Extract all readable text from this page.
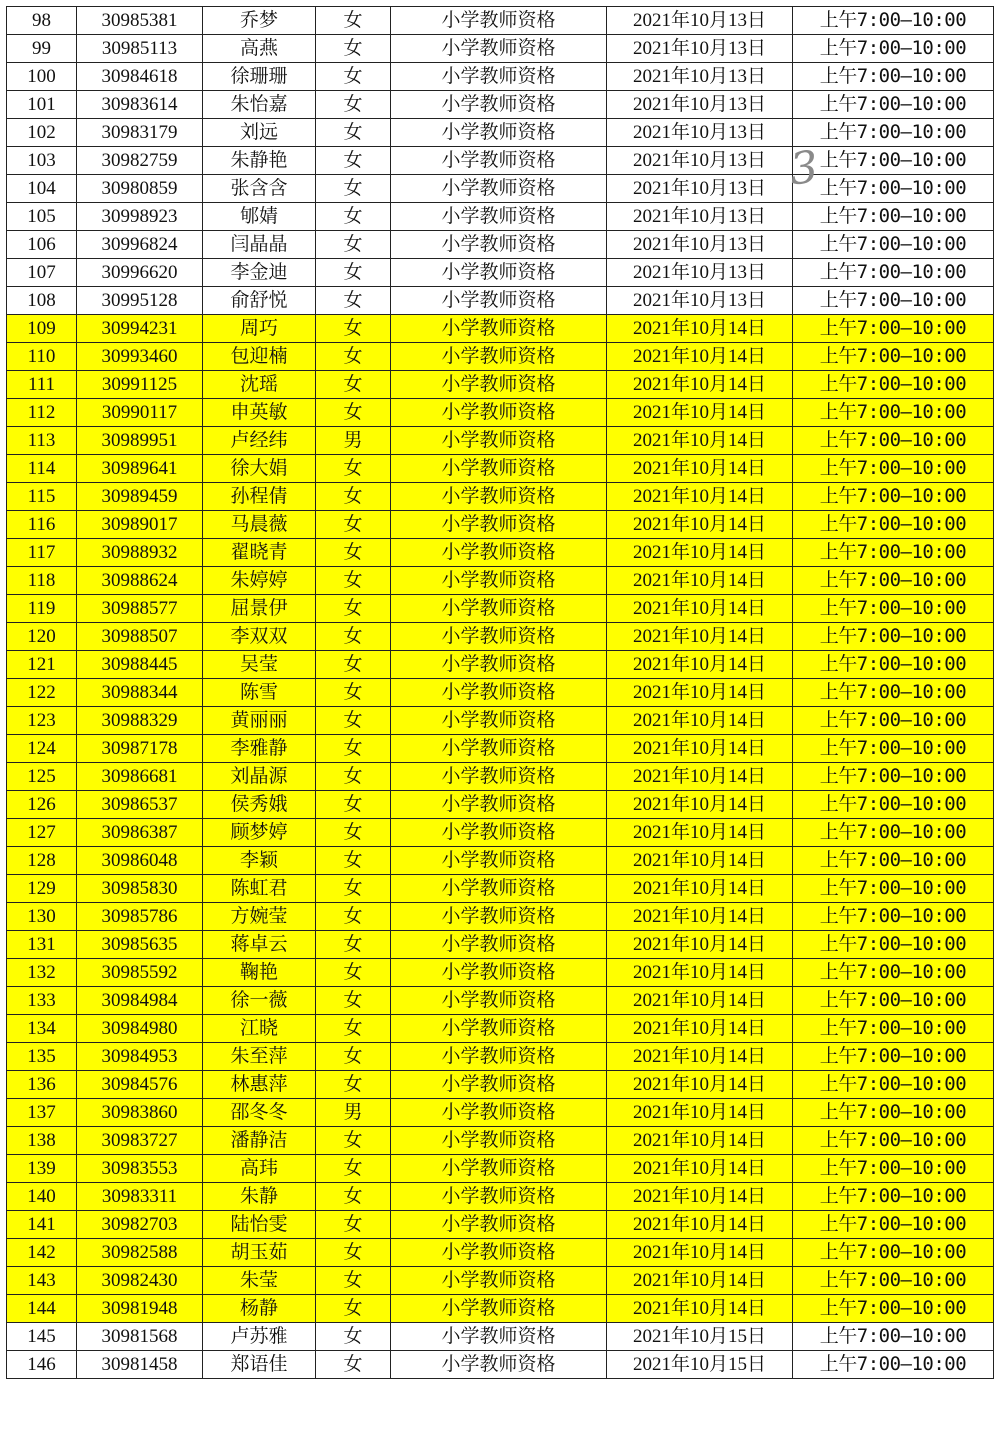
98	30985381	乔梦	女	小学教师资格	2021年10月13日	上午7:00—10:00
99	30985113	高燕	女	小学教师资格	2021年10月13日	上午7:00—10:00
100	30984618	徐珊珊	女	小学教师资格	2021年10月13日	上午7:00—10:00
101	30983614	朱怡嘉	女	小学教师资格	2021年10月13日	上午7:00—10:00
102	30983179	刘远	女	小学教师资格	2021年10月13日	上午7:00—10:00
103	30982759	朱静艳	女	小学教师资格	2021年10月13日	上午7:00—10:00
104	30980859	张含含	女	小学教师资格	2021年10月13日	上午7:00—10:00
105	30998923	郇婧	女	小学教师资格	2021年10月13日	上午7:00—10:00
106	30996824	闫晶晶	女	小学教师资格	2021年10月13日	上午7:00—10:00
107	30996620	李金迪	女	小学教师资格	2021年10月13日	上午7:00—10:00
108	30995128	俞舒悦	女	小学教师资格	2021年10月13日	上午7:00—10:00
109	30994231	周巧	女	小学教师资格	2021年10月14日	上午7:00—10:00
110	30993460	包迎楠	女	小学教师资格	2021年10月14日	上午7:00—10:00
111	30991125	沈瑶	女	小学教师资格	2021年10月14日	上午7:00—10:00
112	30990117	申英敏	女	小学教师资格	2021年10月14日	上午7:00—10:00
113	30989951	卢经纬	男	小学教师资格	2021年10月14日	上午7:00—10:00
114	30989641	徐大娟	女	小学教师资格	2021年10月14日	上午7:00—10:00
115	30989459	孙程倩	女	小学教师资格	2021年10月14日	上午7:00—10:00
116	30989017	马晨薇	女	小学教师资格	2021年10月14日	上午7:00—10:00
117	30988932	翟晓青	女	小学教师资格	2021年10月14日	上午7:00—10:00
118	30988624	朱婷婷	女	小学教师资格	2021年10月14日	上午7:00—10:00
119	30988577	屈景伊	女	小学教师资格	2021年10月14日	上午7:00—10:00
120	30988507	李双双	女	小学教师资格	2021年10月14日	上午7:00—10:00
121	30988445	吴莹	女	小学教师资格	2021年10月14日	上午7:00—10:00
122	30988344	陈雪	女	小学教师资格	2021年10月14日	上午7:00—10:00
123	30988329	黄丽丽	女	小学教师资格	2021年10月14日	上午7:00—10:00
124	30987178	李雅静	女	小学教师资格	2021年10月14日	上午7:00—10:00
125	30986681	刘晶源	女	小学教师资格	2021年10月14日	上午7:00—10:00
126	30986537	侯秀娥	女	小学教师资格	2021年10月14日	上午7:00—10:00
127	30986387	顾梦婷	女	小学教师资格	2021年10月14日	上午7:00—10:00
128	30986048	李颖	女	小学教师资格	2021年10月14日	上午7:00—10:00
129	30985830	陈虹君	女	小学教师资格	2021年10月14日	上午7:00—10:00
130	30985786	方婉莹	女	小学教师资格	2021年10月14日	上午7:00—10:00
131	30985635	蒋卓云	女	小学教师资格	2021年10月14日	上午7:00—10:00
132	30985592	鞠艳	女	小学教师资格	2021年10月14日	上午7:00—10:00
133	30984984	徐一薇	女	小学教师资格	2021年10月14日	上午7:00—10:00
134	30984980	江晓	女	小学教师资格	2021年10月14日	上午7:00—10:00
135	30984953	朱至萍	女	小学教师资格	2021年10月14日	上午7:00—10:00
136	30984576	林惠萍	女	小学教师资格	2021年10月14日	上午7:00—10:00
137	30983860	邵冬冬	男	小学教师资格	2021年10月14日	上午7:00—10:00
138	30983727	潘静洁	女	小学教师资格	2021年10月14日	上午7:00—10:00
139	30983553	高玮	女	小学教师资格	2021年10月14日	上午7:00—10:00
140	30983311	朱静	女	小学教师资格	2021年10月14日	上午7:00—10:00
141	30982703	陆怡雯	女	小学教师资格	2021年10月14日	上午7:00—10:00
142	30982588	胡玉茹	女	小学教师资格	2021年10月14日	上午7:00—10:00
143	30982430	朱莹	女	小学教师资格	2021年10月14日	上午7:00—10:00
144	30981948	杨静	女	小学教师资格	2021年10月14日	上午7:00—10:00
145	30981568	卢苏雅	女	小学教师资格	2021年10月15日	上午7:00—10:00
146	30981458	郑语佳	女	小学教师资格	2021年10月15日	上午7:00—10:00
3
